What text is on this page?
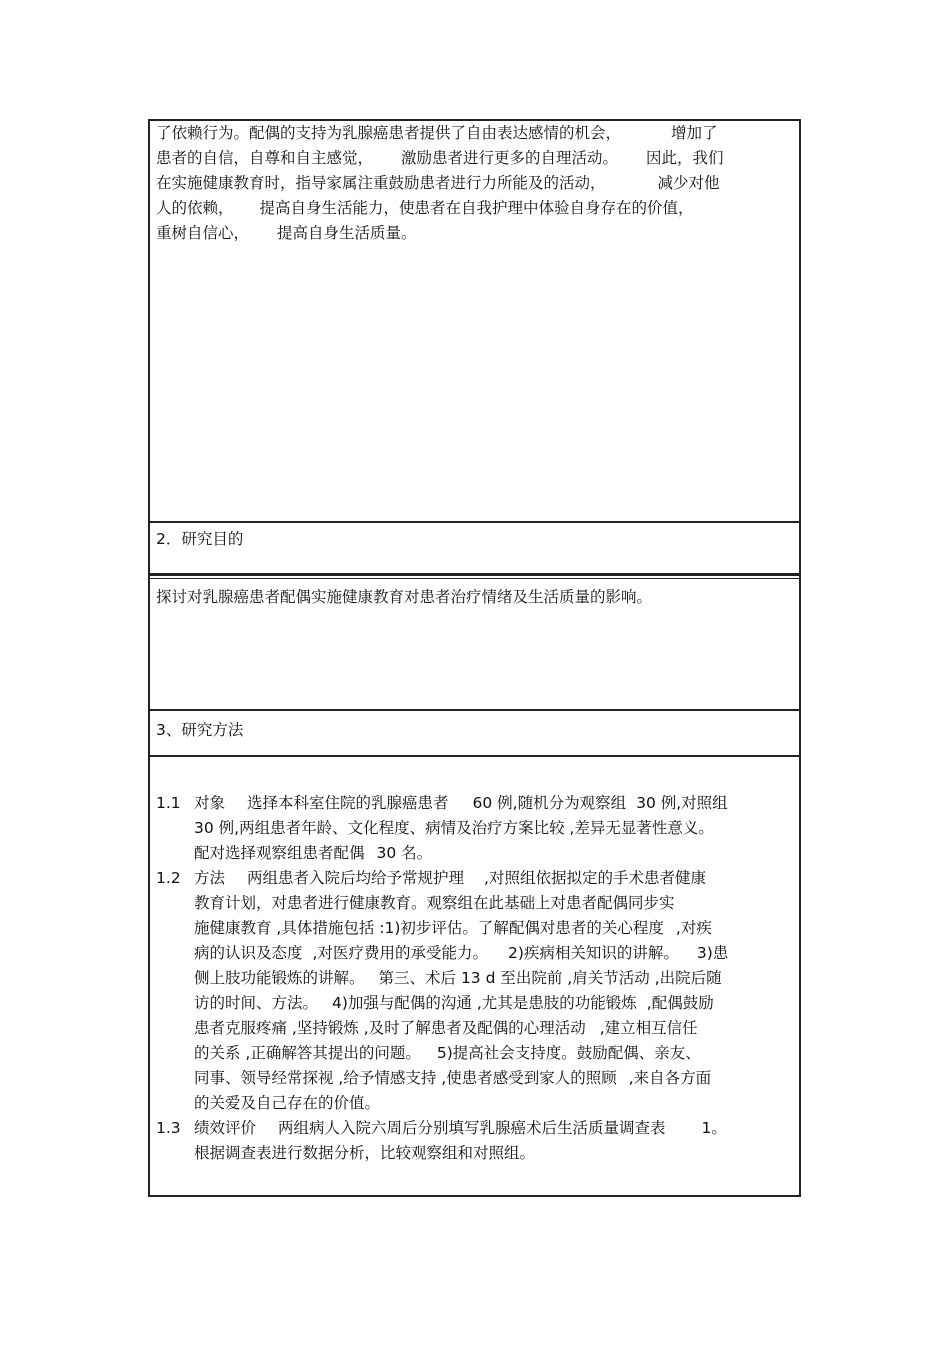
了依赖行为。配偶的支持为乳腺癌患者提供了自由表达感情的机会，	增加了
患者的自信，自尊和自主感觉， 激励患者进行更多的自理活动。 因此，我们
在实施健康教育时，指导家属注重鼓励患者进行力所能及的活动，	减少对他
人的依赖， 提高自身生活能力，使患者在自我护理中体验自身存在的价值，
重树自信心， 提高自身生活质量。
2．研究目的
探讨对乳腺癌患者配偶实施健康教育对患者治疗情绪及生活质量的影响。
3、研究方法
1.1 对象 选择本科室住院的乳腺癌患者 60 例,随机分为观察组 30 例,对照组
30 例,两组患者年龄、文化程度、病情及治疗方案比较 ,差异无显著性意义。
配对选择观察组患者配偶 30 名。
1.2 方法 两组患者入院后均给予常规护理 ,对照组依据拟定的手术患者健康
教育计划，对患者进行健康教育。观察组在此基础上对患者配偶同步实
施健康教育 ,具体措施包括 :1)初步评估。了解配偶对患者的关心程度 ,对疾
病的认识及态度 ,对医疗费用的承受能力。 2)疾病相关知识的讲解。 3)患
侧上肢功能锻炼的讲解。 第三、术后 13 d 至出院前 ,肩关节活动 ,出院后随
访的时间、方法。 4)加强与配偶的沟通 ,尤其是患肢的功能锻炼 ,配偶鼓励
患者克服疼痛 ,坚持锻炼 ,及时了解患者及配偶的心理活动 ,建立相互信任
的关系 ,正确解答其提出的问题。 5)提高社会支持度。鼓励配偶、亲友、
同事、领导经常探视 ,给予情感支持 ,使患者感受到家人的照顾 ,来自各方面
的关爱及自己存在的价值。
1.3 绩效评价 两组病人入院六周后分别填写乳腺癌术后生活质量调查表 1。
根据调查表进行数据分析，比较观察组和对照组。
